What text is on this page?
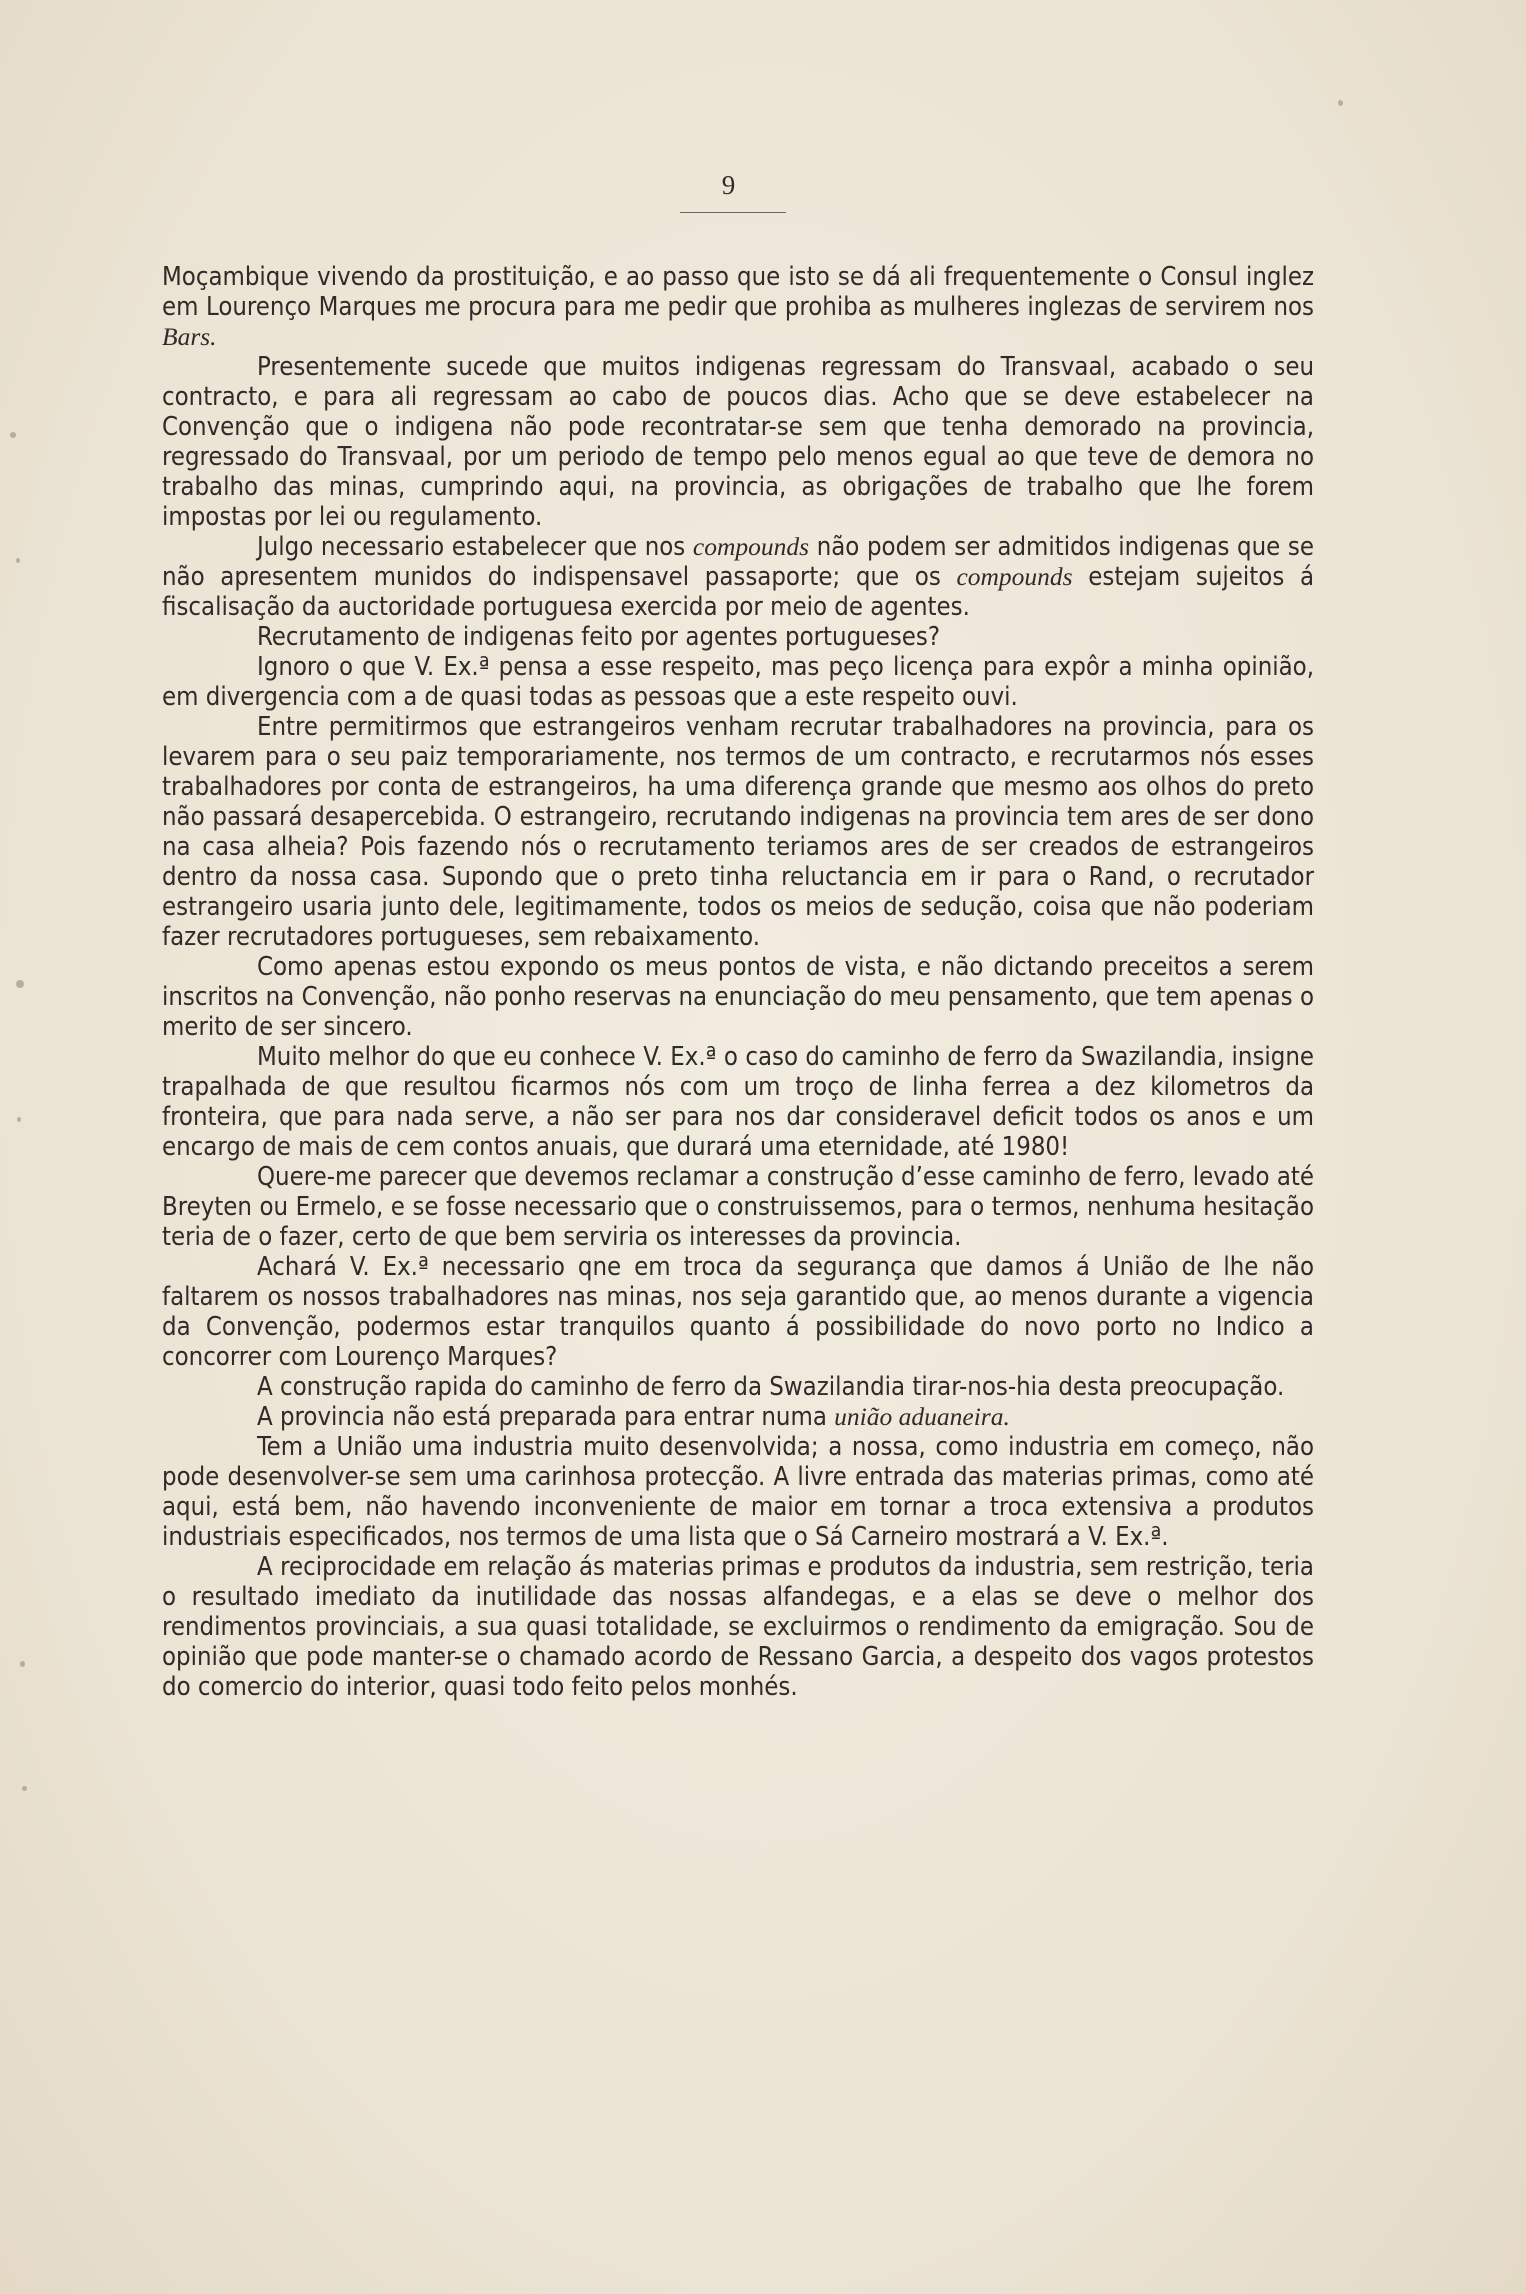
9

Moçambique vivendo da prostituição, e ao passo que isto se dá ali frequentemente o Consul inglez em Lourenço Marques me procura para me pedir que prohiba as mulheres inglezas de servirem nos Bars.

Presentemente sucede que muitos indigenas regressam do Transvaal, acabado o seu contracto, e para ali regressam ao cabo de poucos dias. Acho que se deve estabelecer na Convenção que o indigena não pode recontratar-se sem que tenha demorado na provincia, regressado do Transvaal, por um periodo de tempo pelo menos egual ao que teve de demora no trabalho das minas, cumprindo aqui, na provincia, as obrigações de trabalho que lhe forem impostas por lei ou regulamento.

Julgo necessario estabelecer que nos compounds não podem ser admitidos indigenas que se não apresentem munidos do indispensavel passaporte; que os compounds estejam sujeitos á fiscalisação da auctoridade portuguesa exercida por meio de agentes.

Recrutamento de indigenas feito por agentes portugueses?

Ignoro o que V. Ex.ª pensa a esse respeito, mas peço licença para expôr a minha opinião, em divergencia com a de quasi todas as pessoas que a este respeito ouvi.

Entre permitirmos que estrangeiros venham recrutar trabalhadores na provincia, para os levarem para o seu paiz temporariamente, nos termos de um contracto, e recrutarmos nós esses trabalhadores por conta de estrangeiros, ha uma diferença grande que mesmo aos olhos do preto não passará desapercebida. O estrangeiro, recrutando indigenas na provincia tem ares de ser dono na casa alheia? Pois fazendo nós o recrutamento teriamos ares de ser creados de estrangeiros dentro da nossa casa. Supondo que o preto tinha reluctancia em ir para o Rand, o recrutador estrangeiro usaria junto dele, legitimamente, todos os meios de sedução, coisa que não poderiam fazer recrutadores portugueses, sem rebaixamento.

Como apenas estou expondo os meus pontos de vista, e não dictando preceitos a serem inscritos na Convenção, não ponho reservas na enunciação do meu pensamento, que tem apenas o merito de ser sincero.

Muito melhor do que eu conhece V. Ex.ª o caso do caminho de ferro da Swazilandia, insigne trapalhada de que resultou ficarmos nós com um troço de linha ferrea a dez kilometros da fronteira, que para nada serve, a não ser para nos dar consideravel deficit todos os anos e um encargo de mais de cem contos anuais, que durará uma eternidade, até 1980!

Quere-me parecer que devemos reclamar a construção d’esse caminho de ferro, levado até Breyten ou Ermelo, e se fosse necessario que o construissemos, para o termos, nenhuma hesitação teria de o fazer, certo de que bem serviria os interesses da provincia.

Achará V. Ex.ª necessario qne em troca da segurança que damos á União de lhe não faltarem os nossos trabalhadores nas minas, nos seja garantido que, ao menos durante a vigencia da Convenção, podermos estar tranquilos quanto á possibilidade do novo porto no Indico a concorrer com Lourenço Marques?

A construção rapida do caminho de ferro da Swazilandia tirar-nos-hia desta preocupação.

A provincia não está preparada para entrar numa união aduaneira.

Tem a União uma industria muito desenvolvida; a nossa, como industria em começo, não pode desenvolver-se sem uma carinhosa protecção. A livre entrada das materias primas, como até aqui, está bem, não havendo inconveniente de maior em tornar a troca extensiva a produtos industriais especificados, nos termos de uma lista que o Sá Carneiro mostrará a V. Ex.ª.

A reciprocidade em relação ás materias primas e produtos da industria, sem restrição, teria o resultado imediato da inutilidade das nossas alfandegas, e a elas se deve o melhor dos rendimentos provinciais, a sua quasi totalidade, se excluirmos o rendimento da emigração. Sou de opinião que pode manter-se o chamado acordo de Ressano Garcia, a despeito dos vagos protestos do comercio do interior, quasi todo feito pelos monhés.
